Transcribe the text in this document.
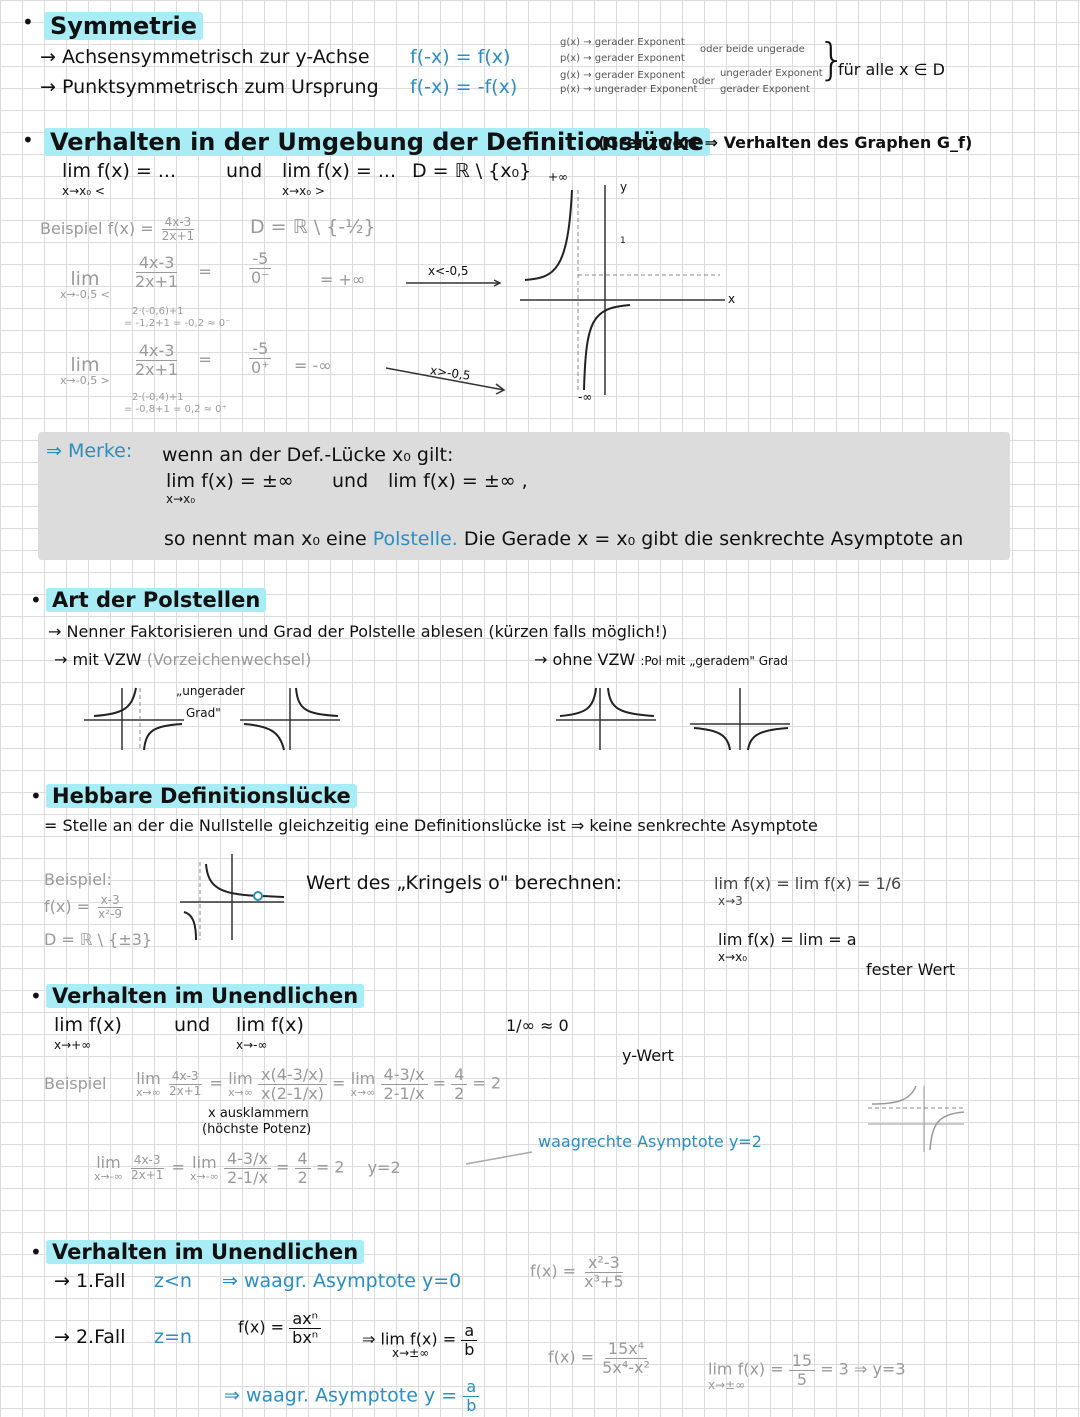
• Symmetrie
→ Achsensymmetrisch zur y-Achse f(-x) = f(x)
→ Punktsymmetrisch zum Ursprung f(-x) = -f(x)
g(x) → gerader Exponent
p(x) → gerader Exponent
g(x) → gerader Exponent
p(x) → ungerader Exponent
oder beide ungerade
oder
ungerader Exponent
gerader Exponent
}
für alle x ∈ D
• Verhalten in der Umgebung der Definitionslücke
(Grenzwert ⇒ Verhalten des Graphen G_f)
lim f(x) = ...
x→x₀ <
und lim f(x) = ...
x→x₀ >
D = ℝ \ {x₀}
Beispiel $f(x) = \frac{4x-3}{2x+1}$	D = ℝ \ {-½}
lim
x→-0,5 <
$\frac{4x-3}{2x+1} = \frac{-5}{0^-}$	= +∞
2·(-0,6)+1
= -1,2+1 = -0,2 ≈ 0⁻
x<-0,5
lim
x→-0,5 >
$\frac{4x-3}{2x+1} = \frac{-5}{0^+}$ = -∞
2·(-0,4)+1
= -0,8+1 = 0,2 ≈ 0⁺
x>-0,5
+∞
-∞
y
x
1
⇒ Merke: wenn an der Def.-Lücke x₀ gilt:
lim f(x) = ±∞
x→x₀
und lim f(x) = ±∞ ,
so nennt man x₀ eine Polstelle. Die Gerade x = x₀ gibt die senkrechte Asymptote an
• Art der Polstellen
→ Nenner Faktorisieren und Grad der Polstelle ablesen (kürzen falls möglich!)
→ mit VZW (Vorzeichenwechsel)	→ ohne VZW :Pol mit „geradem" Grad
„ungerader
Grad"
• Hebbare Definitionslücke
= Stelle an der die Nullstelle gleichzeitig eine Definitionslücke ist ⇒ keine senkrechte Asymptote
Beispiel:
$f(x) = \frac{x-3}{\text{x²-9}}$
D = ℝ \ {±3}
Wert des „Kringels o" berechnen:	lim f(x) = lim f(x) = 1/6
x→3
lim f(x) = lim = a
x→x₀
fester Wert
• Verhalten im Unendlichen
lim f(x)
x→+∞
und lim f(x)
x→-∞
1/∞ ≈ 0
Beispiel lim
x→∞
$\frac{4x-3}{2x+1} = \lim$
x→∞
$\frac{x(4-3/x)}{x(2-1/x)} = \lim$
x→∞
$\frac{4-3/x}{2-1/x} = \frac{4}{2} = 2$
x ausklammern
(höchste Potenz)
y-Wert
waagrechte Asymptote y=2
lim
x→-∞
$\frac{4x-3}{2x+1} = \lim$
x→-∞
$\frac{4-3/x}{2-1/x} = \frac{4}{2} = 2$ y=2
• Verhalten im Unendlichen
→ 1.Fall z<n ⇒ waagr. Asymptote y=0	$f(x) = \frac{\text{x²-3}}{\text{x³+5}}$
→ 2.Fall z=n	$f(x) = \frac{\text{axⁿ}}{\text{bxⁿ}}$	⇒ $\lim f(x) = \frac{a}{b}$
x→±∞
⇒ waagr. Asymptote $y = \frac{a}{b}$
$f(x) = \frac{\text{15x⁴}}{\text{5x⁴-x²}}$	$\lim f(x) = \frac{15}{5} = 3$ ⇒ y=3
x→±∞
